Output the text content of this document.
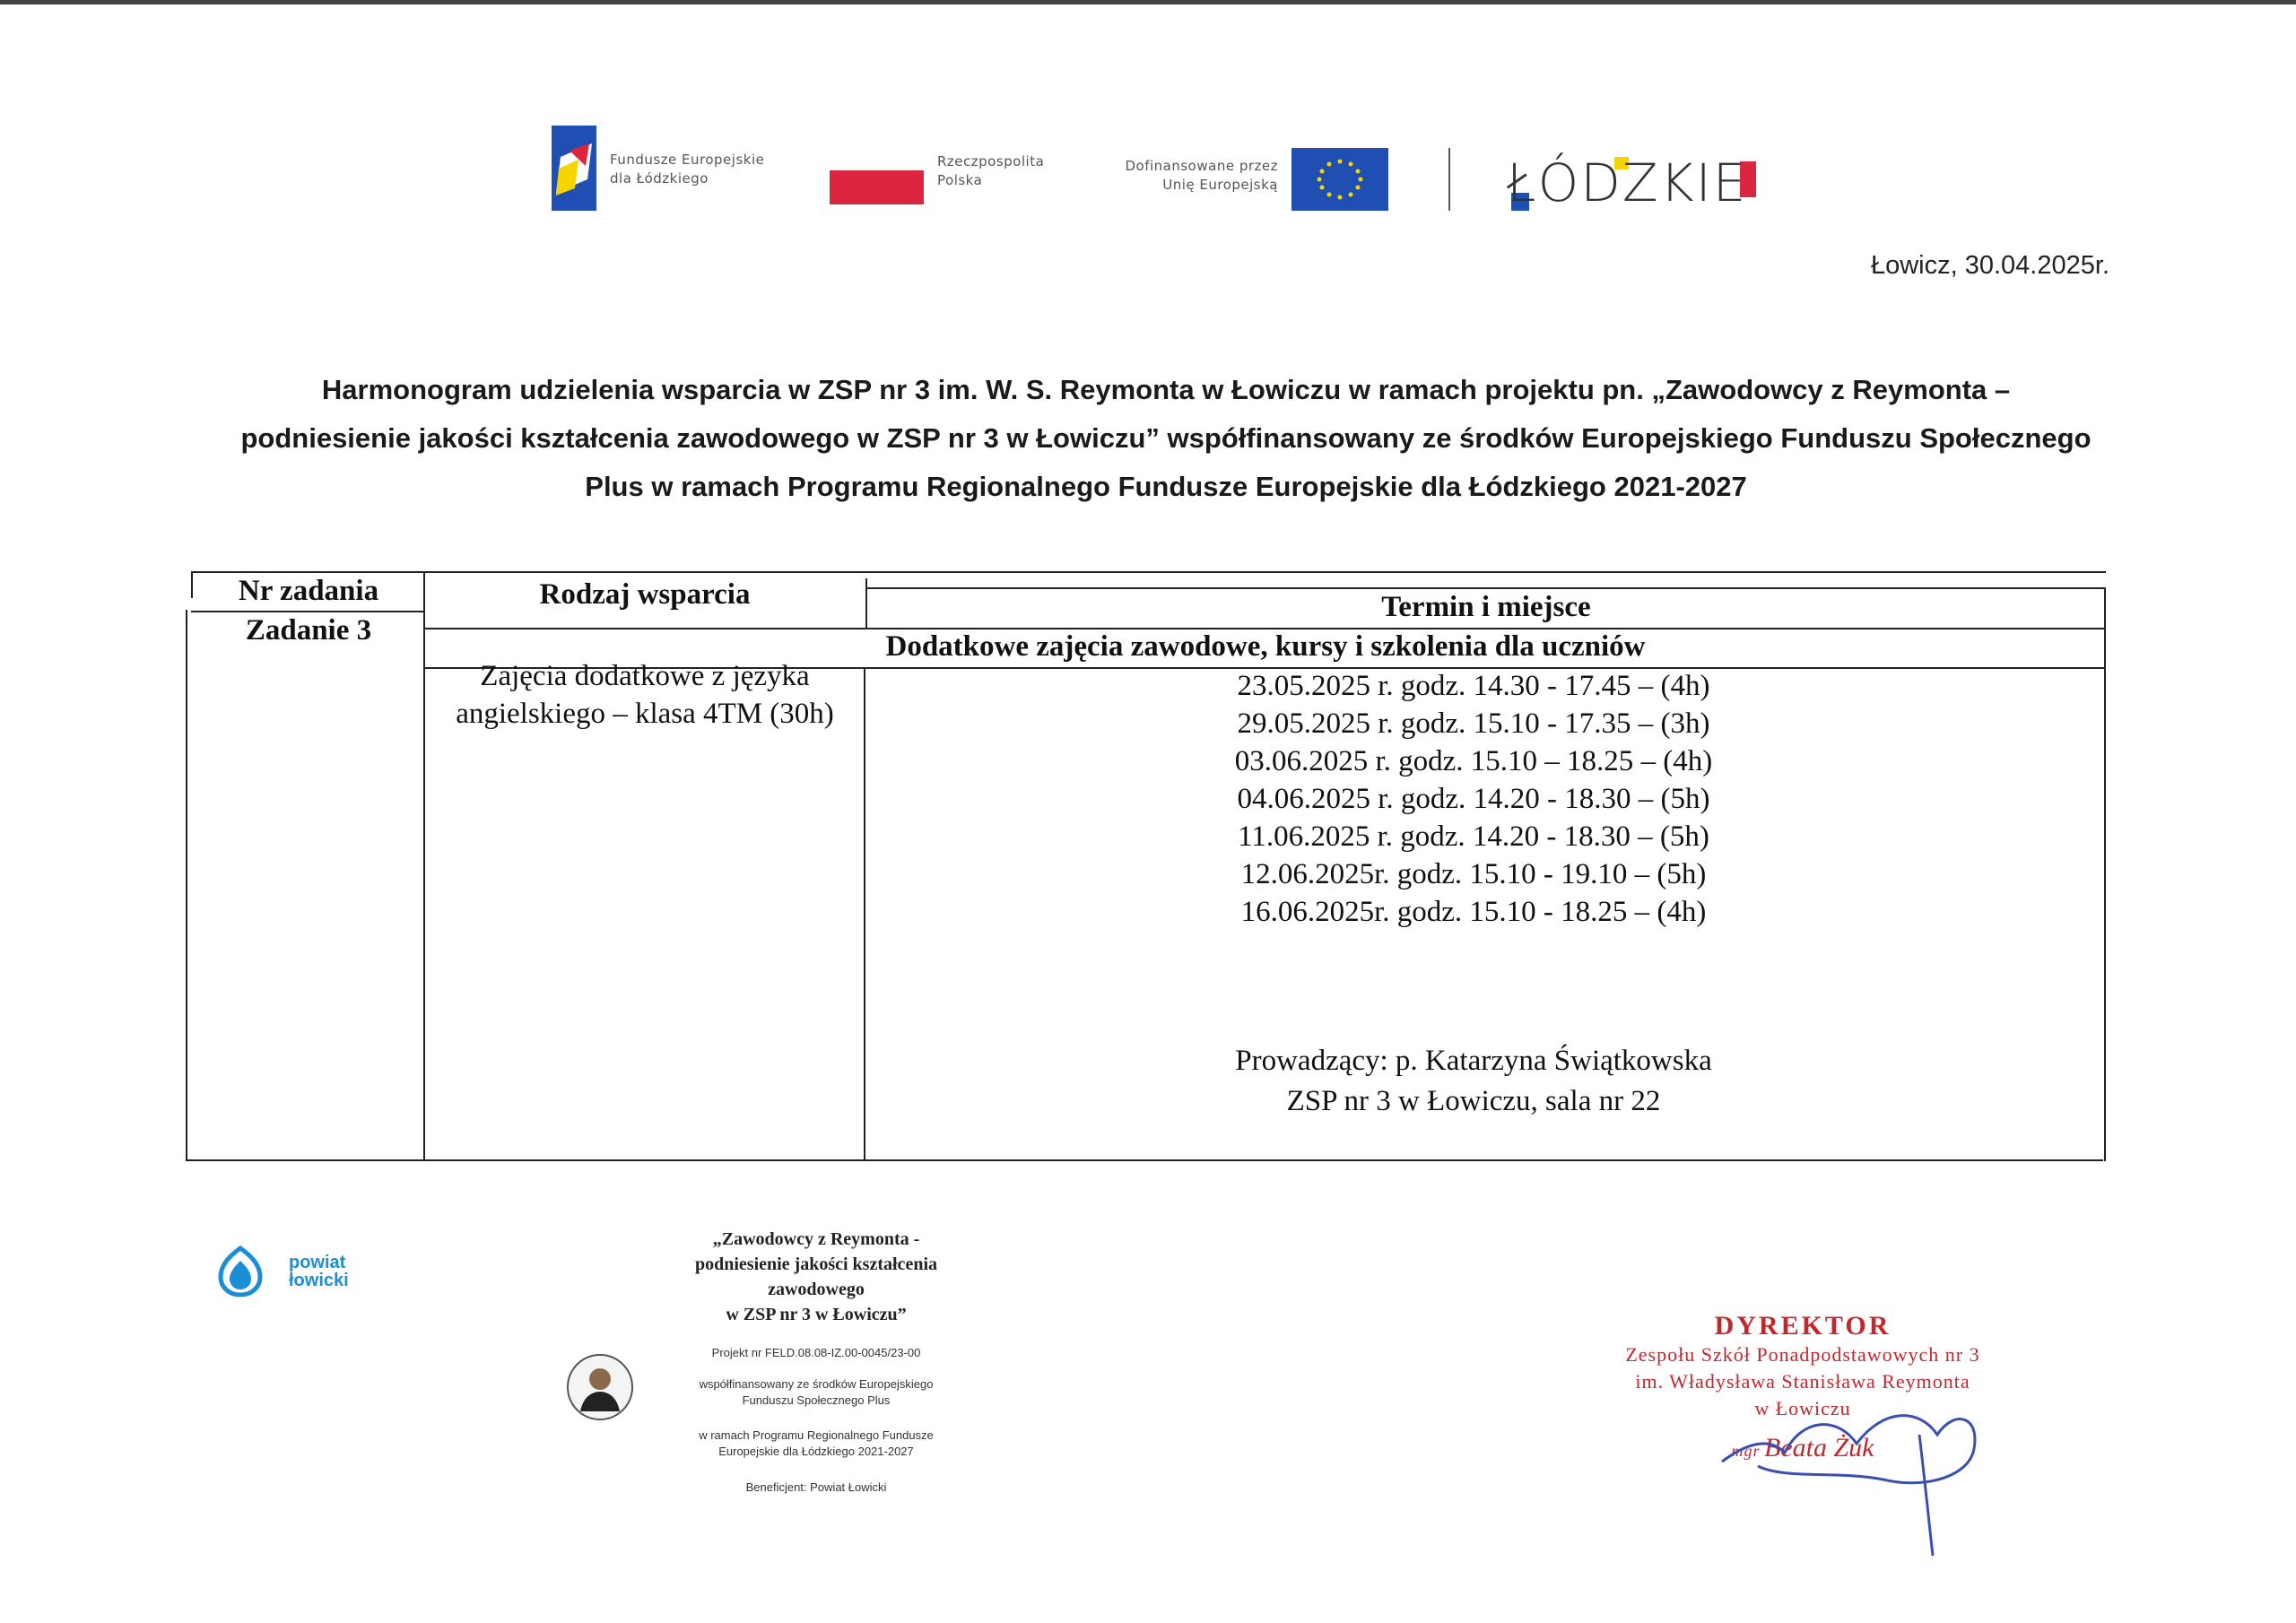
Fundusze Europejskie
dla Łódzkiego
Rzeczpospolita
Polska
Dofinansowane przez
Unię Europejską	ŁÓDZKIE
Łowicz, 30.04.2025r.
Harmonogram udzielenia wsparcia w ZSP nr 3 im. W. S. Reymonta w Łowiczu w ramach projektu pn. „Zawodowcy z Reymonta –
podniesienie jakości kształcenia zawodowego w ZSP nr 3 w Łowiczu” współfinansowany ze środków Europejskiego Funduszu Społecznego
Plus w ramach Programu Regionalnego Fundusze Europejskie dla Łódzkiego 2021-2027
Nr zadania	Rodzaj wsparcia	Termin i miejsce
Zadanie 3	Dodatkowe zajęcia zawodowe, kursy i szkolenia dla uczniów
Zajęcia dodatkowe z języka
angielskiego – klasa 4TM (30h)
23.05.2025 r. godz. 14.30 - 17.45 – (4h)
29.05.2025 r. godz. 15.10 - 17.35 – (3h)
03.06.2025 r. godz. 15.10 – 18.25 – (4h)
04.06.2025 r. godz. 14.20 - 18.30 – (5h)
11.06.2025 r. godz. 14.20 - 18.30 – (5h)
12.06.2025r. godz. 15.10 - 19.10 – (5h)
16.06.2025r. godz. 15.10 - 18.25 – (4h)
Prowadzący: p. Katarzyna Świątkowska
ZSP nr 3 w Łowiczu, sala nr 22
powiat
łowicki
„Zawodowcy z Reymonta -
podniesienie jakości kształcenia
zawodowego
w ZSP nr 3 w Łowiczu”
Projekt nr FELD.08.08-IZ.00-0045/23-00
współfinansowany ze środków Europejskiego
Funduszu Społecznego Plus
w ramach Programu Regionalnego Fundusze
Europejskie dla Łódzkiego 2021-2027
Beneficjent: Powiat Łowicki
DYREKTOR
Zespołu Szkół Ponadpodstawowych nr 3
im. Władysława Stanisława Reymonta
w Łowiczu
mgr Beata Żuk
